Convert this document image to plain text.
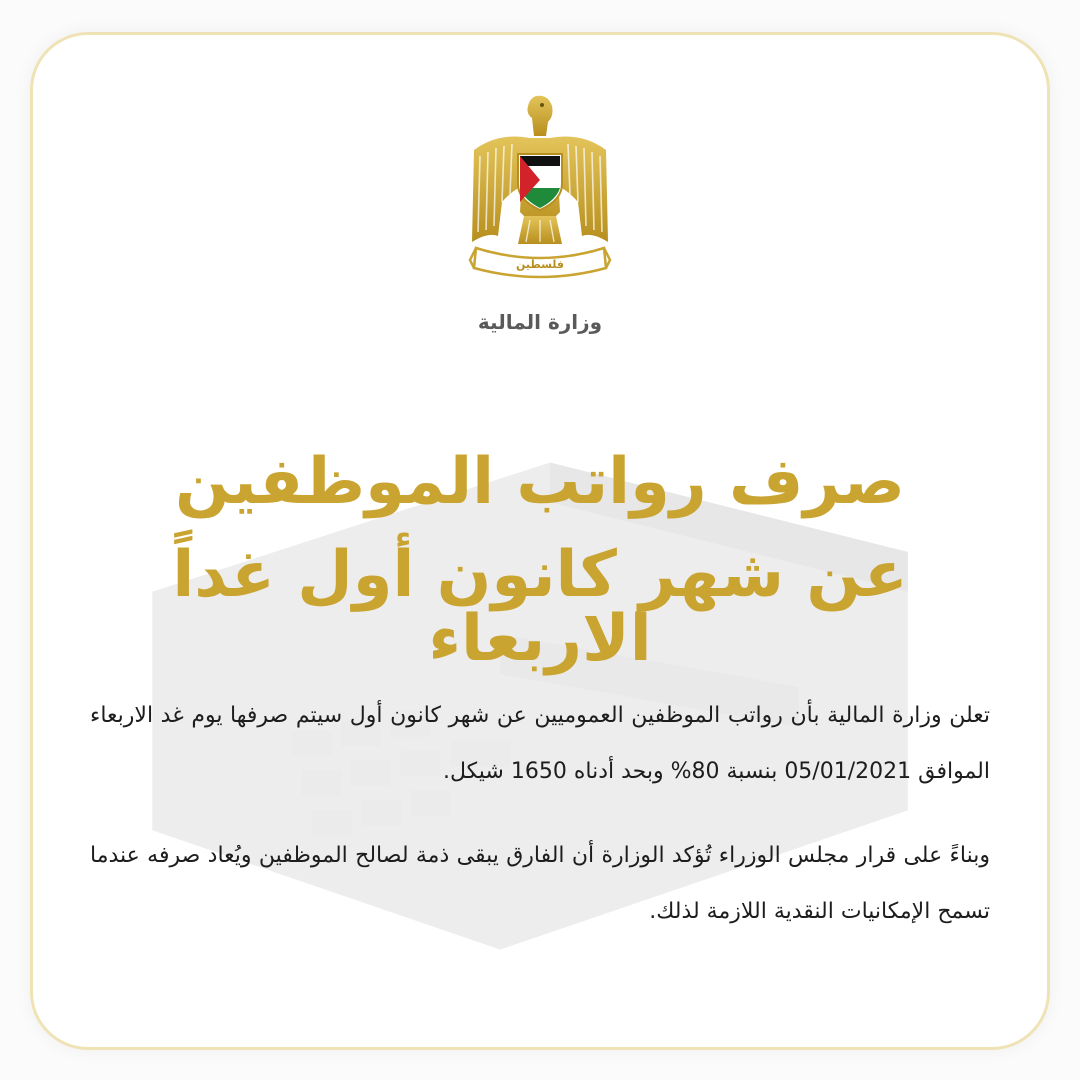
فلسطين
وزارة المالية
صرف رواتب الموظفين
عن شهر كانون أول غداً الاربعاء
تعلن وزارة المالية بأن رواتب الموظفين العموميين عن شهر كانون أول سيتم صرفها يوم غد الاربعاء الموافق 05/01/2021 بنسبة 80% وبحد أدناه 1650 شيكل.
وبناءً على قرار مجلس الوزراء تُؤكد الوزارة أن الفارق يبقى ذمة لصالح الموظفين ويُعاد صرفه عندما تسمح الإمكانيات النقدية اللازمة لذلك.
